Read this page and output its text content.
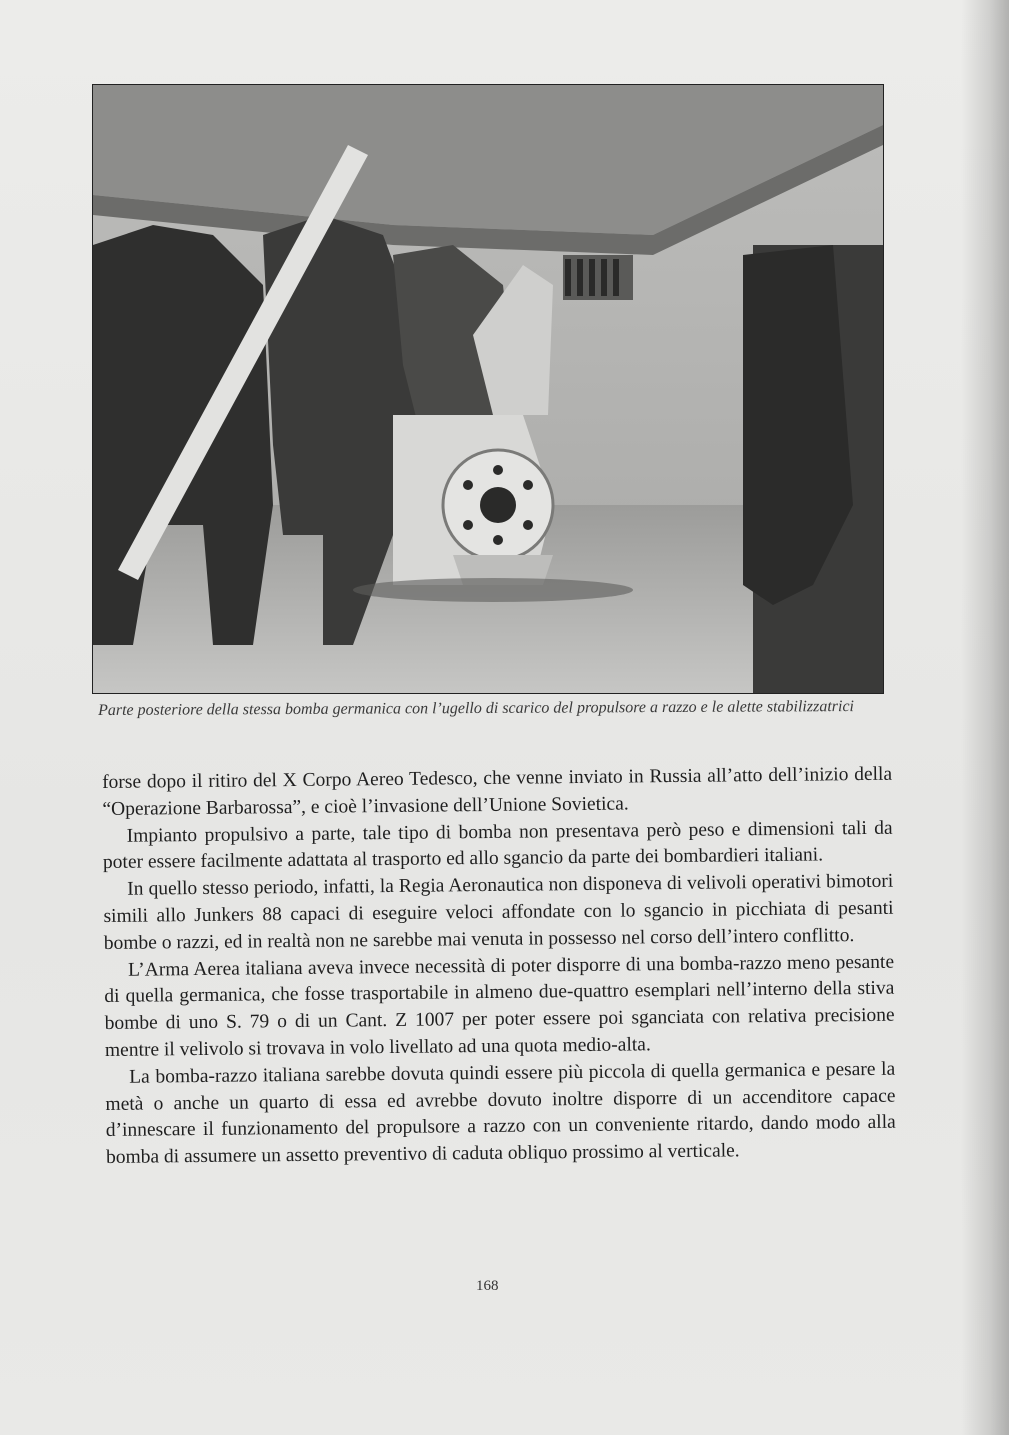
Parte posteriore della stessa bomba germanica con l’ugello di scarico del propulsore a razzo e le alette stabilizzatrici

forse dopo il ritiro del X Corpo Aereo Tedesco, che venne inviato in Russia all’atto dell’inizio della “Operazione Barbarossa”, e cioè l’invasione dell’Unione Sovietica.

Impianto propulsivo a parte, tale tipo di bomba non presentava però peso e dimensioni tali da poter essere facilmente adattata al trasporto ed allo sgancio da parte dei bombardieri italiani.

In quello stesso periodo, infatti, la Regia Aeronautica non disponeva di velivoli operativi bimotori simili allo Junkers 88 capaci di eseguire veloci affondate con lo sgancio in picchiata di pesanti bombe o razzi, ed in realtà non ne sarebbe mai venuta in possesso nel corso dell’intero conflitto.

L’Arma Aerea italiana aveva invece necessità di poter disporre di una bomba-razzo meno pesante di quella germanica, che fosse trasportabile in almeno due-quattro esemplari nell’interno della stiva bombe di uno S. 79 o di un Cant. Z 1007 per poter essere poi sganciata con relativa precisione mentre il velivolo si trovava in volo livellato ad una quota medio-alta.

La bomba-razzo italiana sarebbe dovuta quindi essere più piccola di quella germanica e pesare la metà o anche un quarto di essa ed avrebbe dovuto inoltre disporre di un accenditore capace d’innescare il funzionamento del propulsore a razzo con un conveniente ritardo, dando modo alla bomba di assumere un assetto preventivo di caduta obliquo prossimo al verticale.

168
